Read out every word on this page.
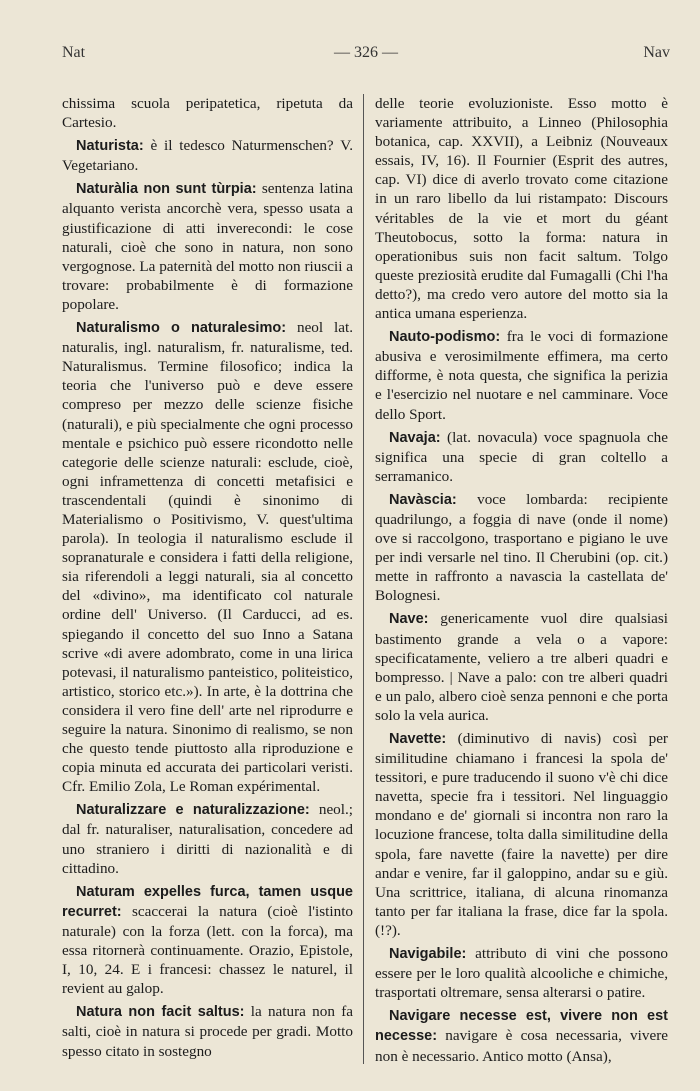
Nat	— 326 —	Nav

chissima scuola peripatetica, ripetuta da Cartesio.

Naturista: è il tedesco Naturmenschen? V. Vegetariano.

Naturàlia non sunt tùrpia: sentenza latina alquanto verista ancorchè vera, spesso usata a giustificazione di atti inverecondi: le cose naturali, cioè che sono in natura, non sono vergognose. La paternità del motto non riuscii a trovare: probabilmente è di formazione popolare.

Naturalismo o naturalesimo: neol lat. naturalis, ingl. naturalism, fr. naturalisme, ted. Naturalismus. Termine filosofico; indica la teoria che l'universo può e deve essere compreso per mezzo delle scienze fisiche (naturali), e più specialmente che ogni processo mentale e psichico può essere ricondotto nelle categorie delle scienze naturali: esclude, cioè, ogni inframettenza di concetti metafisici e trascendentali (quindi è sinonimo di Materialismo o Positivismo, V. quest'ultima parola). In teologia il naturalismo esclude il sopranaturale e considera i fatti della religione, sia riferendoli a leggi naturali, sia al concetto del «divino», ma identificato col naturale ordine dell' Universo. (Il Carducci, ad es. spiegando il concetto del suo Inno a Satana scrive «di avere adombrato, come in una lirica potevasi, il naturalismo panteistico, politeistico, artistico, storico etc.»). In arte, è la dottrina che considera il vero fine dell' arte nel riprodurre e seguire la natura. Sinonimo di realismo, se non che questo tende piuttosto alla riproduzione e copia minuta ed accurata dei particolari veristi. Cfr. Emilio Zola, Le Roman expérimental.

Naturalizzare e naturalizzazione: neol.; dal fr. naturaliser, naturalisation, concedere ad uno straniero i diritti di nazionalità e di cittadino.

Naturam expelles furca, tamen usque recurret: scaccerai la natura (cioè l'istinto naturale) con la forza (lett. con la forca), ma essa ritornerà continuamente. Orazio, Epistole, I, 10, 24. E i francesi: chassez le naturel, il revient au galop.

Natura non facit saltus: la natura non fa salti, cioè in natura si procede per gradi. Motto spesso citato in sostegno

delle teorie evoluzioniste. Esso motto è variamente attribuito, a Linneo (Philosophia botanica, cap. XXVII), a Leibniz (Nouveaux essais, IV, 16). Il Fournier (Esprit des autres, cap. VI) dice di averlo trovato come citazione in un raro libello da lui ristampato: Discours véritables de la vie et mort du géant Theutobocus, sotto la forma: natura in operationibus suis non facit saltum. Tolgo queste preziosità erudite dal Fumagalli (Chi l'ha detto?), ma credo vero autore del motto sia la antica umana esperienza.

Nauto-podismo: fra le voci di formazione abusiva e verosimilmente effimera, ma certo difforme, è nota questa, che significa la perizia e l'esercizio nel nuotare e nel camminare. Voce dello Sport.

Navaja: (lat. novacula) voce spagnuola che significa una specie di gran coltello a serramanico.

Navàscia: voce lombarda: recipiente quadrilungo, a foggia di nave (onde il nome) ove si raccolgono, trasportano e pigiano le uve per indi versarle nel tino. Il Cherubini (op. cit.) mette in raffronto a navascia la castellata de' Bolognesi.

Nave: genericamente vuol dire qualsiasi bastimento grande a vela o a vapore: specificatamente, veliero a tre alberi quadri e bompresso. | Nave a palo: con tre alberi quadri e un palo, albero cioè senza pennoni e che porta solo la vela aurica.

Navette: (diminutivo di navis) così per similitudine chiamano i francesi la spola de' tessitori, e pure traducendo il suono v'è chi dice navetta, specie fra i tessitori. Nel linguaggio mondano e de' giornali si incontra non raro la locuzione francese, tolta dalla similitudine della spola, fare navette (faire la navette) per dire andar e venire, far il galoppino, andar su e giù. Una scrittrice, italiana, di alcuna rinomanza tanto per far italiana la frase, dice far la spola. (!?).

Navigabile: attributo di vini che possono essere per le loro qualità alcooliche e chimiche, trasportati oltremare, sensa alterarsi o patire.

Navigare necesse est, vivere non est necesse: navigare è cosa necessaria, vivere non è necessario. Antico motto (Ansa),
